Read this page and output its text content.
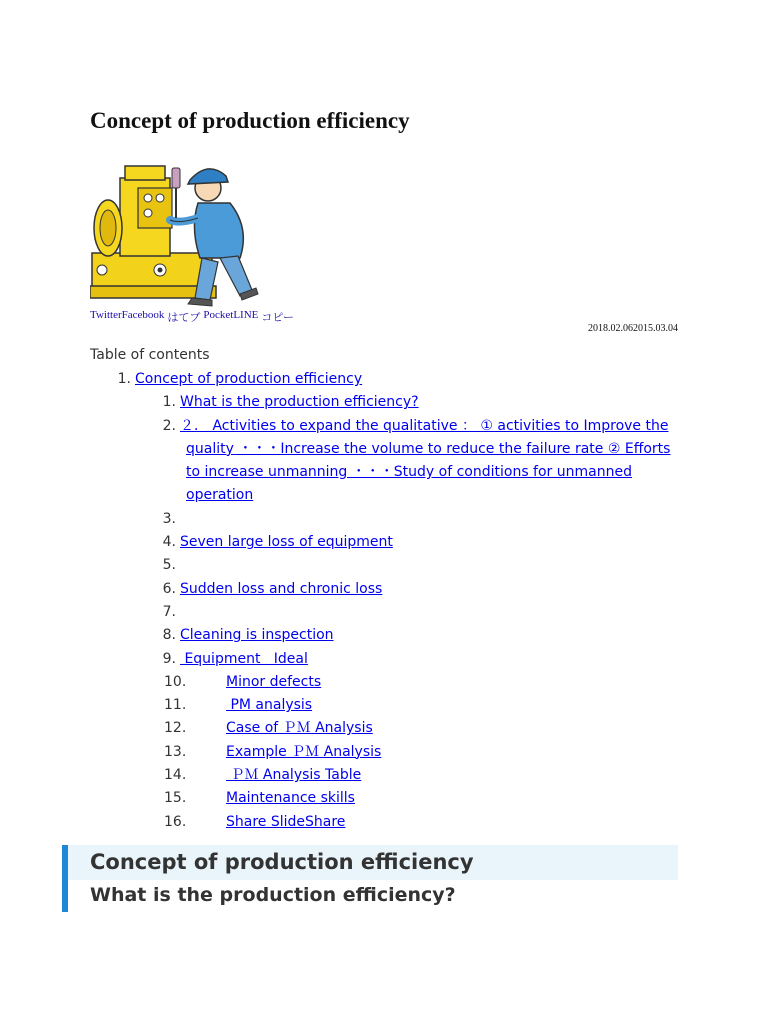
Concept of production efficiency
Twitter Facebook はてブ Pocket LINE コピー
2018.02.06 2015.03.04
Table of contents
1. Concept of production efficiency
1. What is the production efficiency?
2. ２． Activities to expand the qualitative ： ① activities to Improve the quality ・・・Increase the volume to reduce the failure rate ② Efforts to increase unmanning ・・・Study of conditions for unmanned operation
3.
4. Seven large loss of equipment
5.
6. Sudden loss and chronic loss
7.
8. Cleaning is inspection
9. Equipment   Ideal
10.	Minor defects
11.	PM analysis
12.	Case of ＰＭ Analysis
13.	Example ＰＭ Analysis
14.	ＰＭ Analysis Table
15.	Maintenance skills
16.	Share SlideShare
Concept of production efficiency
What is the production efficiency?
